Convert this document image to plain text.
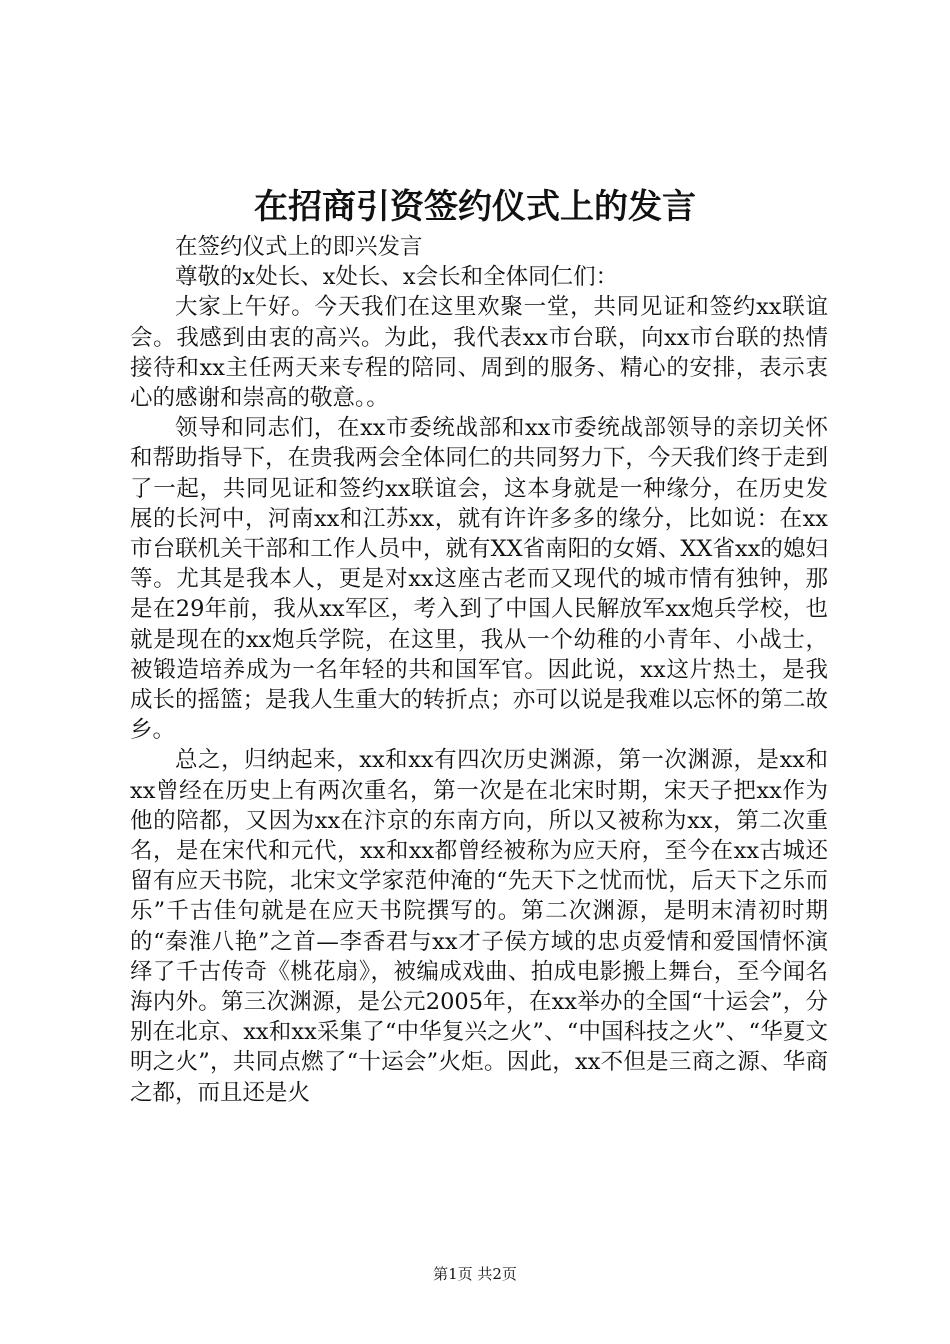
在招商引资签约仪式上的发言

在签约仪式上的即兴发言

尊敬的x处长、x处长、x会长和全体同仁们：

大家上午好。今天我们在这里欢聚一堂，共同见证和签约xx联谊会。我感到由衷的高兴。为此，我代表xx市台联，向xx市台联的热情接待和xx主任两天来专程的陪同、周到的服务、精心的安排，表示衷心的感谢和崇高的敬意。。

领导和同志们，在xx市委统战部和xx市委统战部领导的亲切关怀和帮助指导下，在贵我两会全体同仁的共同努力下，今天我们终于走到了一起，共同见证和签约xx联谊会，这本身就是一种缘分，在历史发展的长河中，河南xx和江苏xx，就有许许多多的缘分，比如说：在xx市台联机关干部和工作人员中，就有XX省南阳的女婿、XX省xx的媳妇等。尤其是我本人，更是对xx这座古老而又现代的城市情有独钟，那是在29年前，我从xx军区，考入到了中国人民解放军xx炮兵学校，也就是现在的xx炮兵学院，在这里，我从一个幼稚的小青年、小战士，被锻造培养成为一名年轻的共和国军官。因此说，xx这片热土，是我成长的摇篮；是我人生重大的转折点；亦可以说是我难以忘怀的第二故乡。

总之，归纳起来，xx和xx有四次历史渊源，第一次渊源，是xx和xx曾经在历史上有两次重名，第一次是在北宋时期，宋天子把xx作为他的陪都，又因为xx在汴京的东南方向，所以又被称为xx，第二次重名，是在宋代和元代，xx和xx都曾经被称为应天府，至今在xx古城还留有应天书院，北宋文学家范仲淹的“先天下之忧而忧，后天下之乐而乐”千古佳句就是在应天书院撰写的。第二次渊源，是明末清初时期的“秦淮八艳”之首—李香君与xx才子侯方域的忠贞爱情和爱国情怀演绎了千古传奇《桃花扇》，被编成戏曲、拍成电影搬上舞台，至今闻名海内外。第三次渊源，是公元2005年，在xx举办的全国“十运会”，分别在北京、xx和xx采集了“中华复兴之火”、“中国科技之火”、“华夏文明之火”，共同点燃了“十运会”火炬。因此，xx不但是三商之源、华商之都，而且还是火

第1页 共2页
